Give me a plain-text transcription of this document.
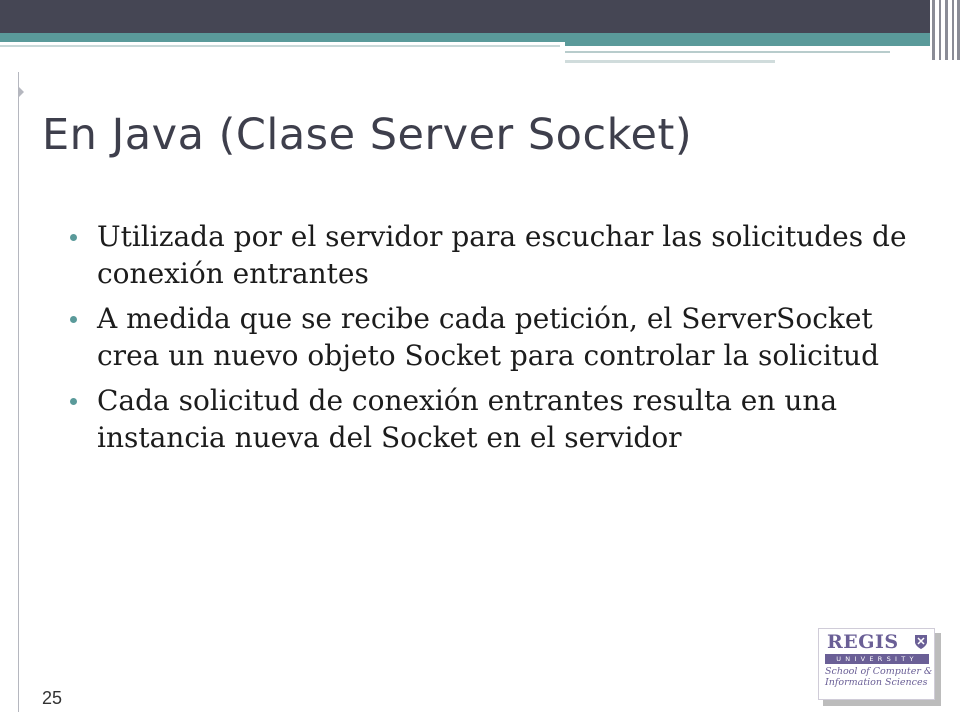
En Java (Clase Server Socket)
Utilizada por el servidor para escuchar las solicitudes de conexión entrantes
A medida que se recibe cada petición, el ServerSocket crea un nuevo objeto Socket para controlar la solicitud
Cada solicitud de conexión entrantes resulta en una instancia nueva del Socket en el servidor
25
REGIS
UNIVERSITY
School of Computer &
Information Sciences
